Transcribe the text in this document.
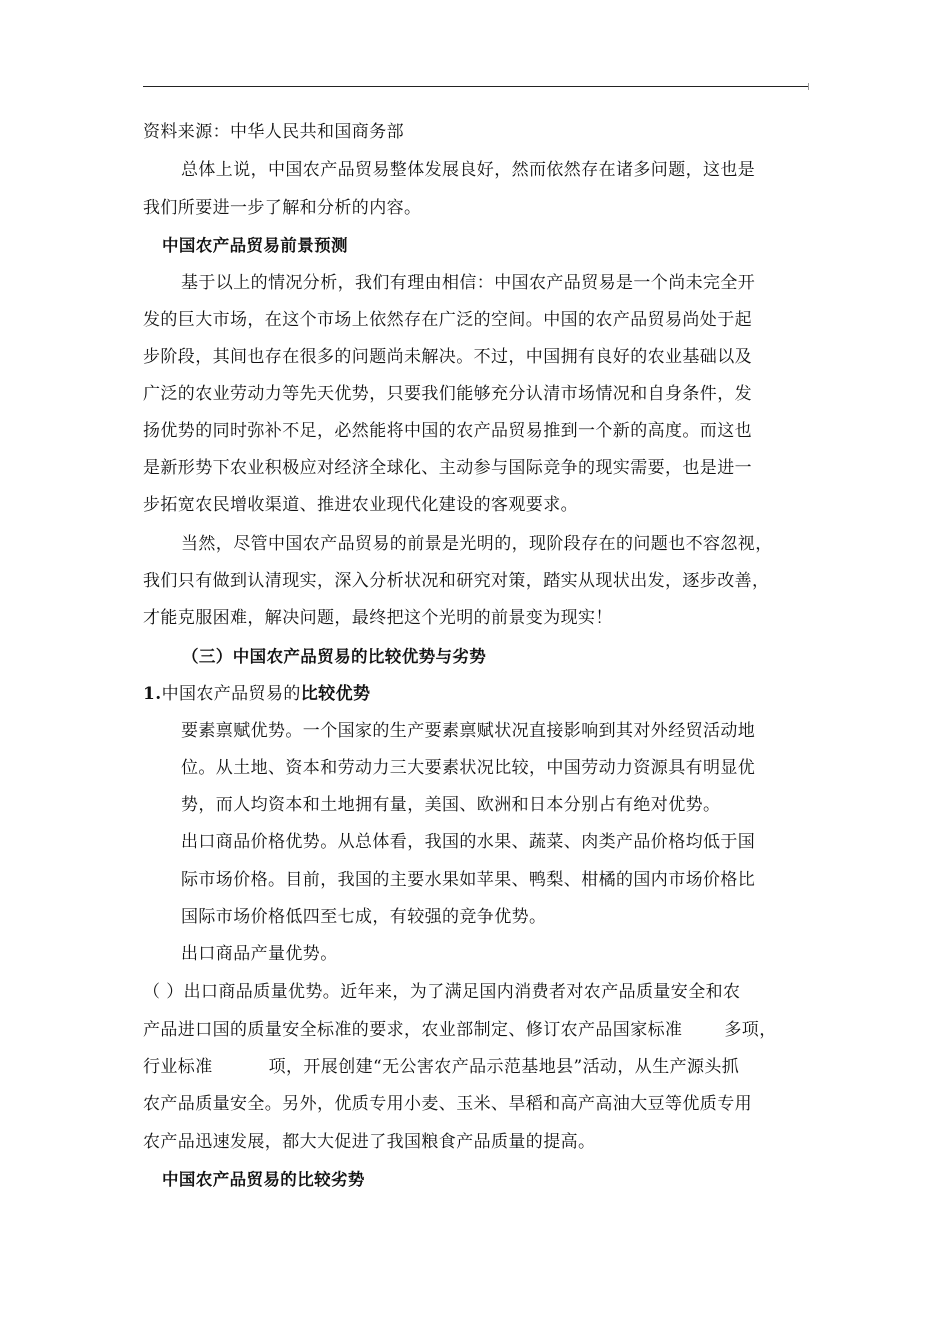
资料来源：中华人民共和国商务部
总体上说，中国农产品贸易整体发展良好，然而依然存在诸多问题，这也是
我们所要进一步了解和分析的内容。
中国农产品贸易前景预测
基于以上的情况分析，我们有理由相信：中国农产品贸易是一个尚未完全开
发的巨大市场，在这个市场上依然存在广泛的空间。中国的农产品贸易尚处于起
步阶段，其间也存在很多的问题尚未解决。不过，中国拥有良好的农业基础以及
广泛的农业劳动力等先天优势，只要我们能够充分认清市场情况和自身条件，发
扬优势的同时弥补不足，必然能将中国的农产品贸易推到一个新的高度。而这也
是新形势下农业积极应对经济全球化、主动参与国际竞争的现实需要，也是进一
步拓宽农民增收渠道、推进农业现代化建设的客观要求。
当然，尽管中国农产品贸易的前景是光明的，现阶段存在的问题也不容忽视，
我们只有做到认清现实，深入分析状况和研究对策，踏实从现状出发，逐步改善，
才能克服困难，解决问题，最终把这个光明的前景变为现实！
（三）中国农产品贸易的比较优势与劣势
1.中国农产品贸易的比较优势
要素禀赋优势。一个国家的生产要素禀赋状况直接影响到其对外经贸活动地
位。从土地、资本和劳动力三大要素状况比较，中国劳动力资源具有明显优
势，而人均资本和土地拥有量，美国、欧洲和日本分别占有绝对优势。
出口商品价格优势。从总体看，我国的水果、蔬菜、肉类产品价格均低于国
际市场价格。目前，我国的主要水果如苹果、鸭梨、柑橘的国内市场价格比
国际市场价格低四至七成，有较强的竞争优势。
出口商品产量优势。
（ ）出口商品质量优势。近年来，为了满足国内消费者对农产品质量安全和农
产品进口国的质量安全标准的要求，农业部制定、修订农产品国家标准 多项，
行业标准	项，开展创建“无公害农产品示范基地县”活动，从生产源头抓
农产品质量安全。另外，优质专用小麦、玉米、旱稻和高产高油大豆等优质专用
农产品迅速发展，都大大促进了我国粮食产品质量的提高。
中国农产品贸易的比较劣势
